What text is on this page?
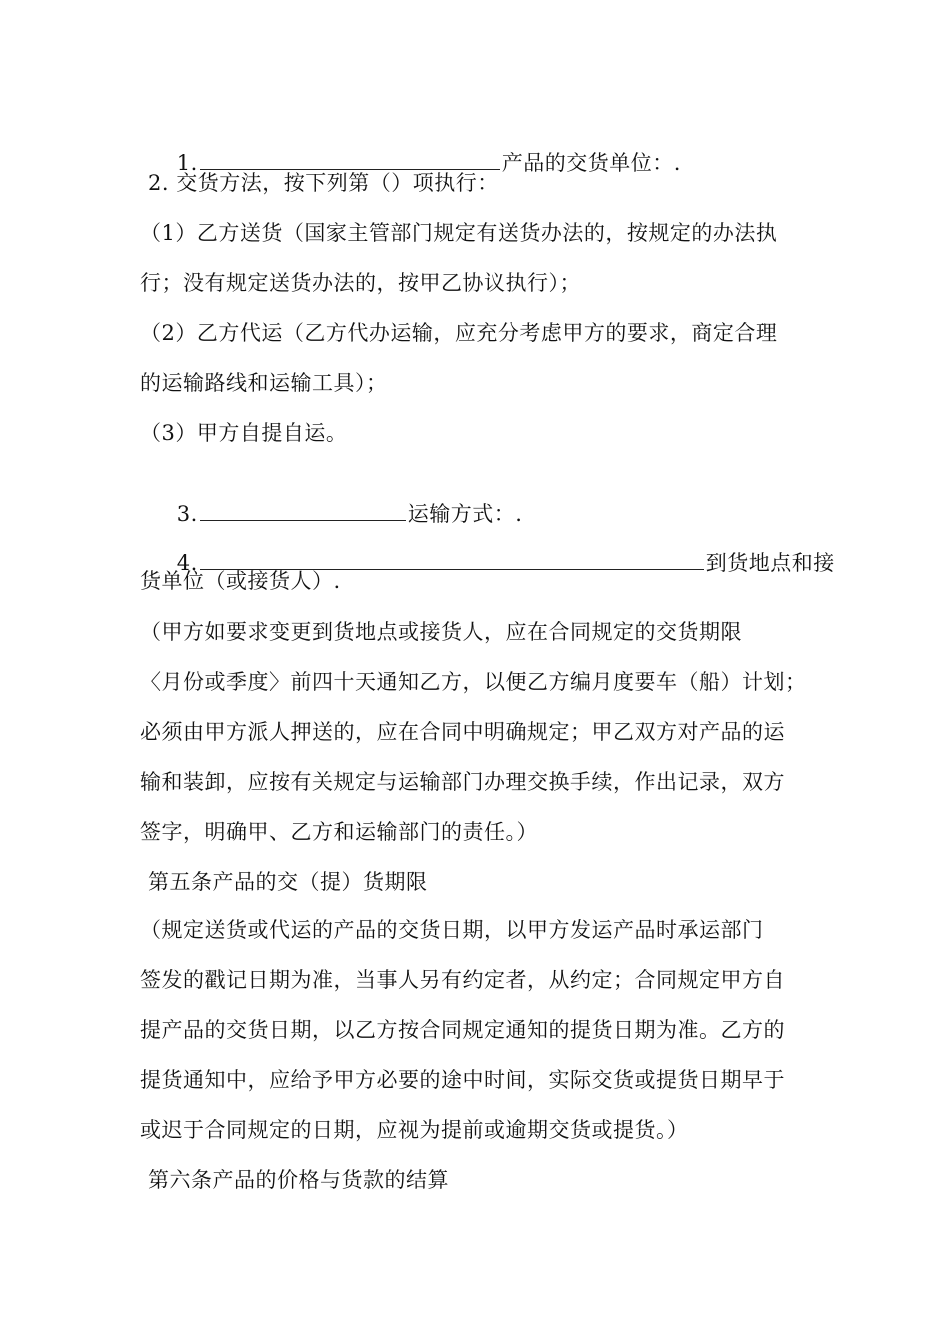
1.	产品的交货单位：.

2. 交货方法，按下列第（）项执行：
（1）乙方送货（国家主管部门规定有送货办法的，按规定的办法执
行；没有规定送货办法的，按甲乙协议执行）；
（2）乙方代运（乙方代办运输，应充分考虑甲方的要求，商定合理
的运输路线和运输工具）；
（3）甲方自提自运。

3.	运输方式：.

4.	到货地点和接

货单位（或接货人）.
（甲方如要求变更到货地点或接货人，应在合同规定的交货期限
〈月份或季度〉前四十天通知乙方，以便乙方编月度要车（船）计划；
必须由甲方派人押送的，应在合同中明确规定；甲乙双方对产品的运
输和装卸，应按有关规定与运输部门办理交换手续，作出记录，双方
签字，明确甲、乙方和运输部门的责任。）
第五条产品的交（提）货期限
（规定送货或代运的产品的交货日期，以甲方发运产品时承运部门
签发的戳记日期为准，当事人另有约定者，从约定；合同规定甲方自
提产品的交货日期，以乙方按合同规定通知的提货日期为准。乙方的
提货通知中，应给予甲方必要的途中时间，实际交货或提货日期早于
或迟于合同规定的日期，应视为提前或逾期交货或提货。）
第六条产品的价格与货款的结算
